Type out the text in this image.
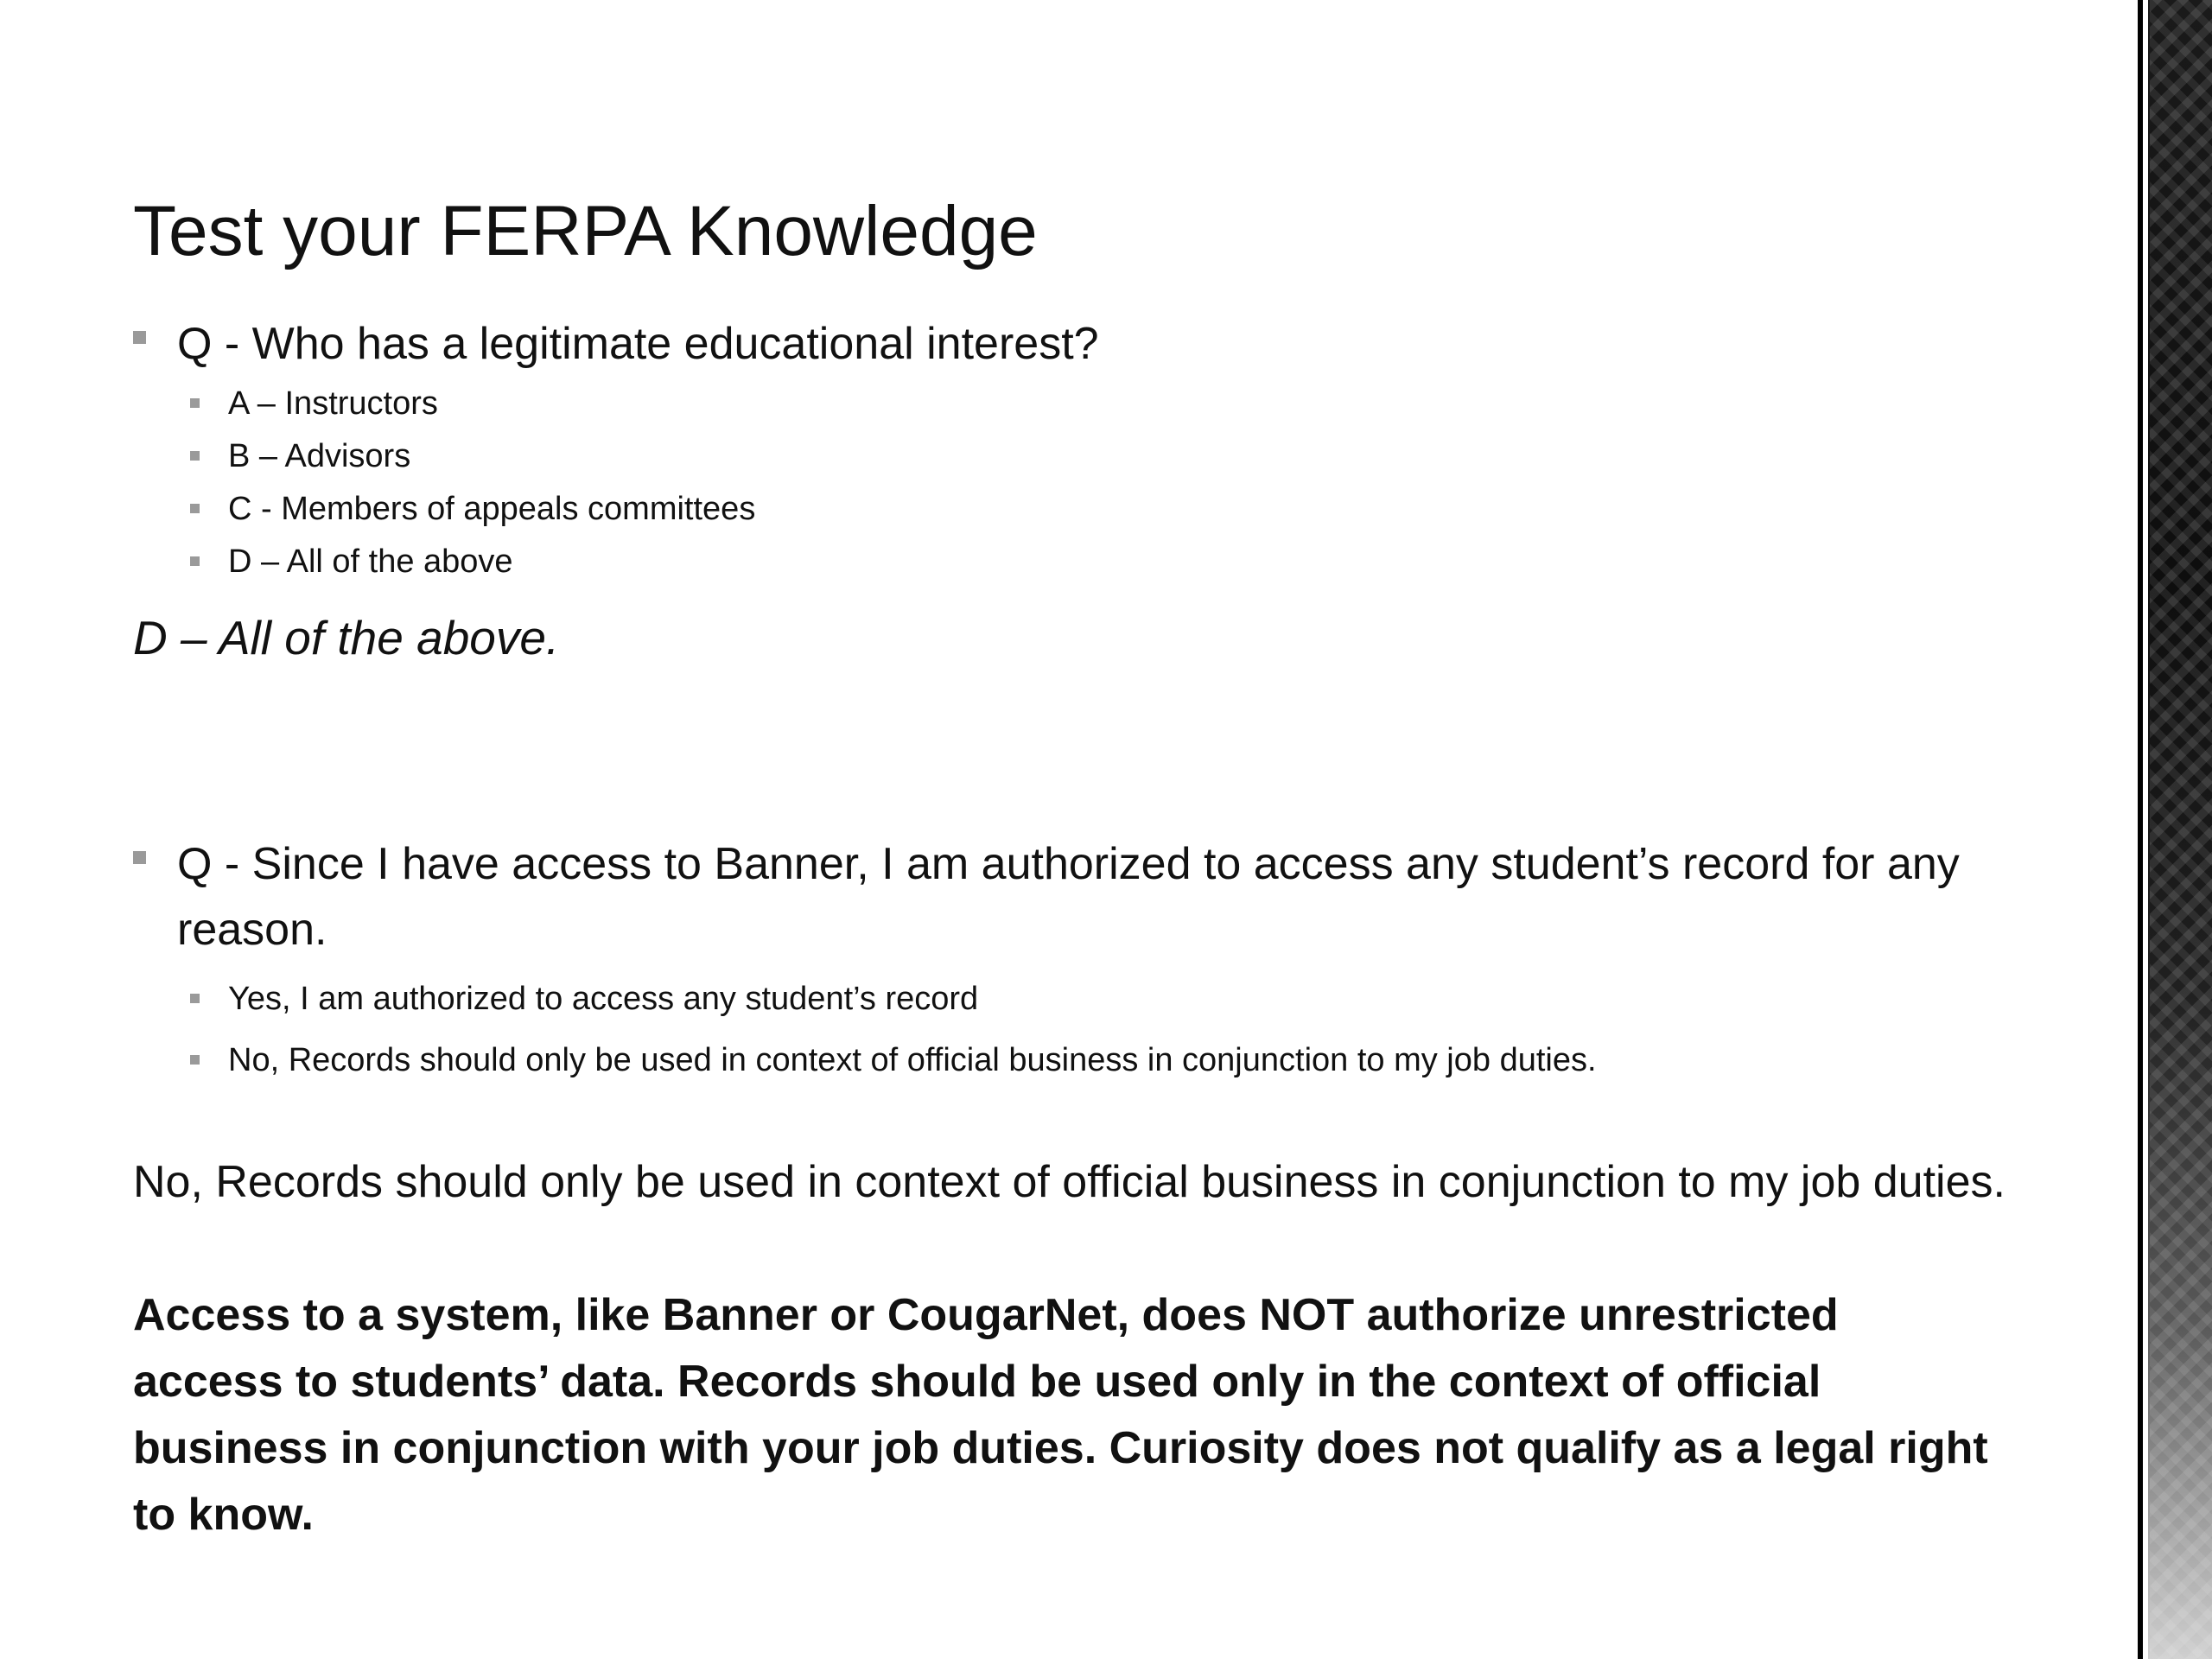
Test your FERPA Knowledge
Q - Who has a legitimate educational interest?
A – Instructors
B – Advisors
C - Members of appeals committees
D – All of the above
D – All of the above.
Q - Since I have access to Banner, I am authorized to access any student’s record for any reason.
Yes, I am authorized to access any student’s record
No, Records should only be used in context of official business in conjunction to my job duties.
No, Records should only be used in context of official business in conjunction to my job duties.
Access to a system, like Banner or CougarNet, does NOT authorize unrestricted access to students’ data. Records should be used only in the context of official business in conjunction with your job duties. Curiosity does not qualify as a legal right to know.
